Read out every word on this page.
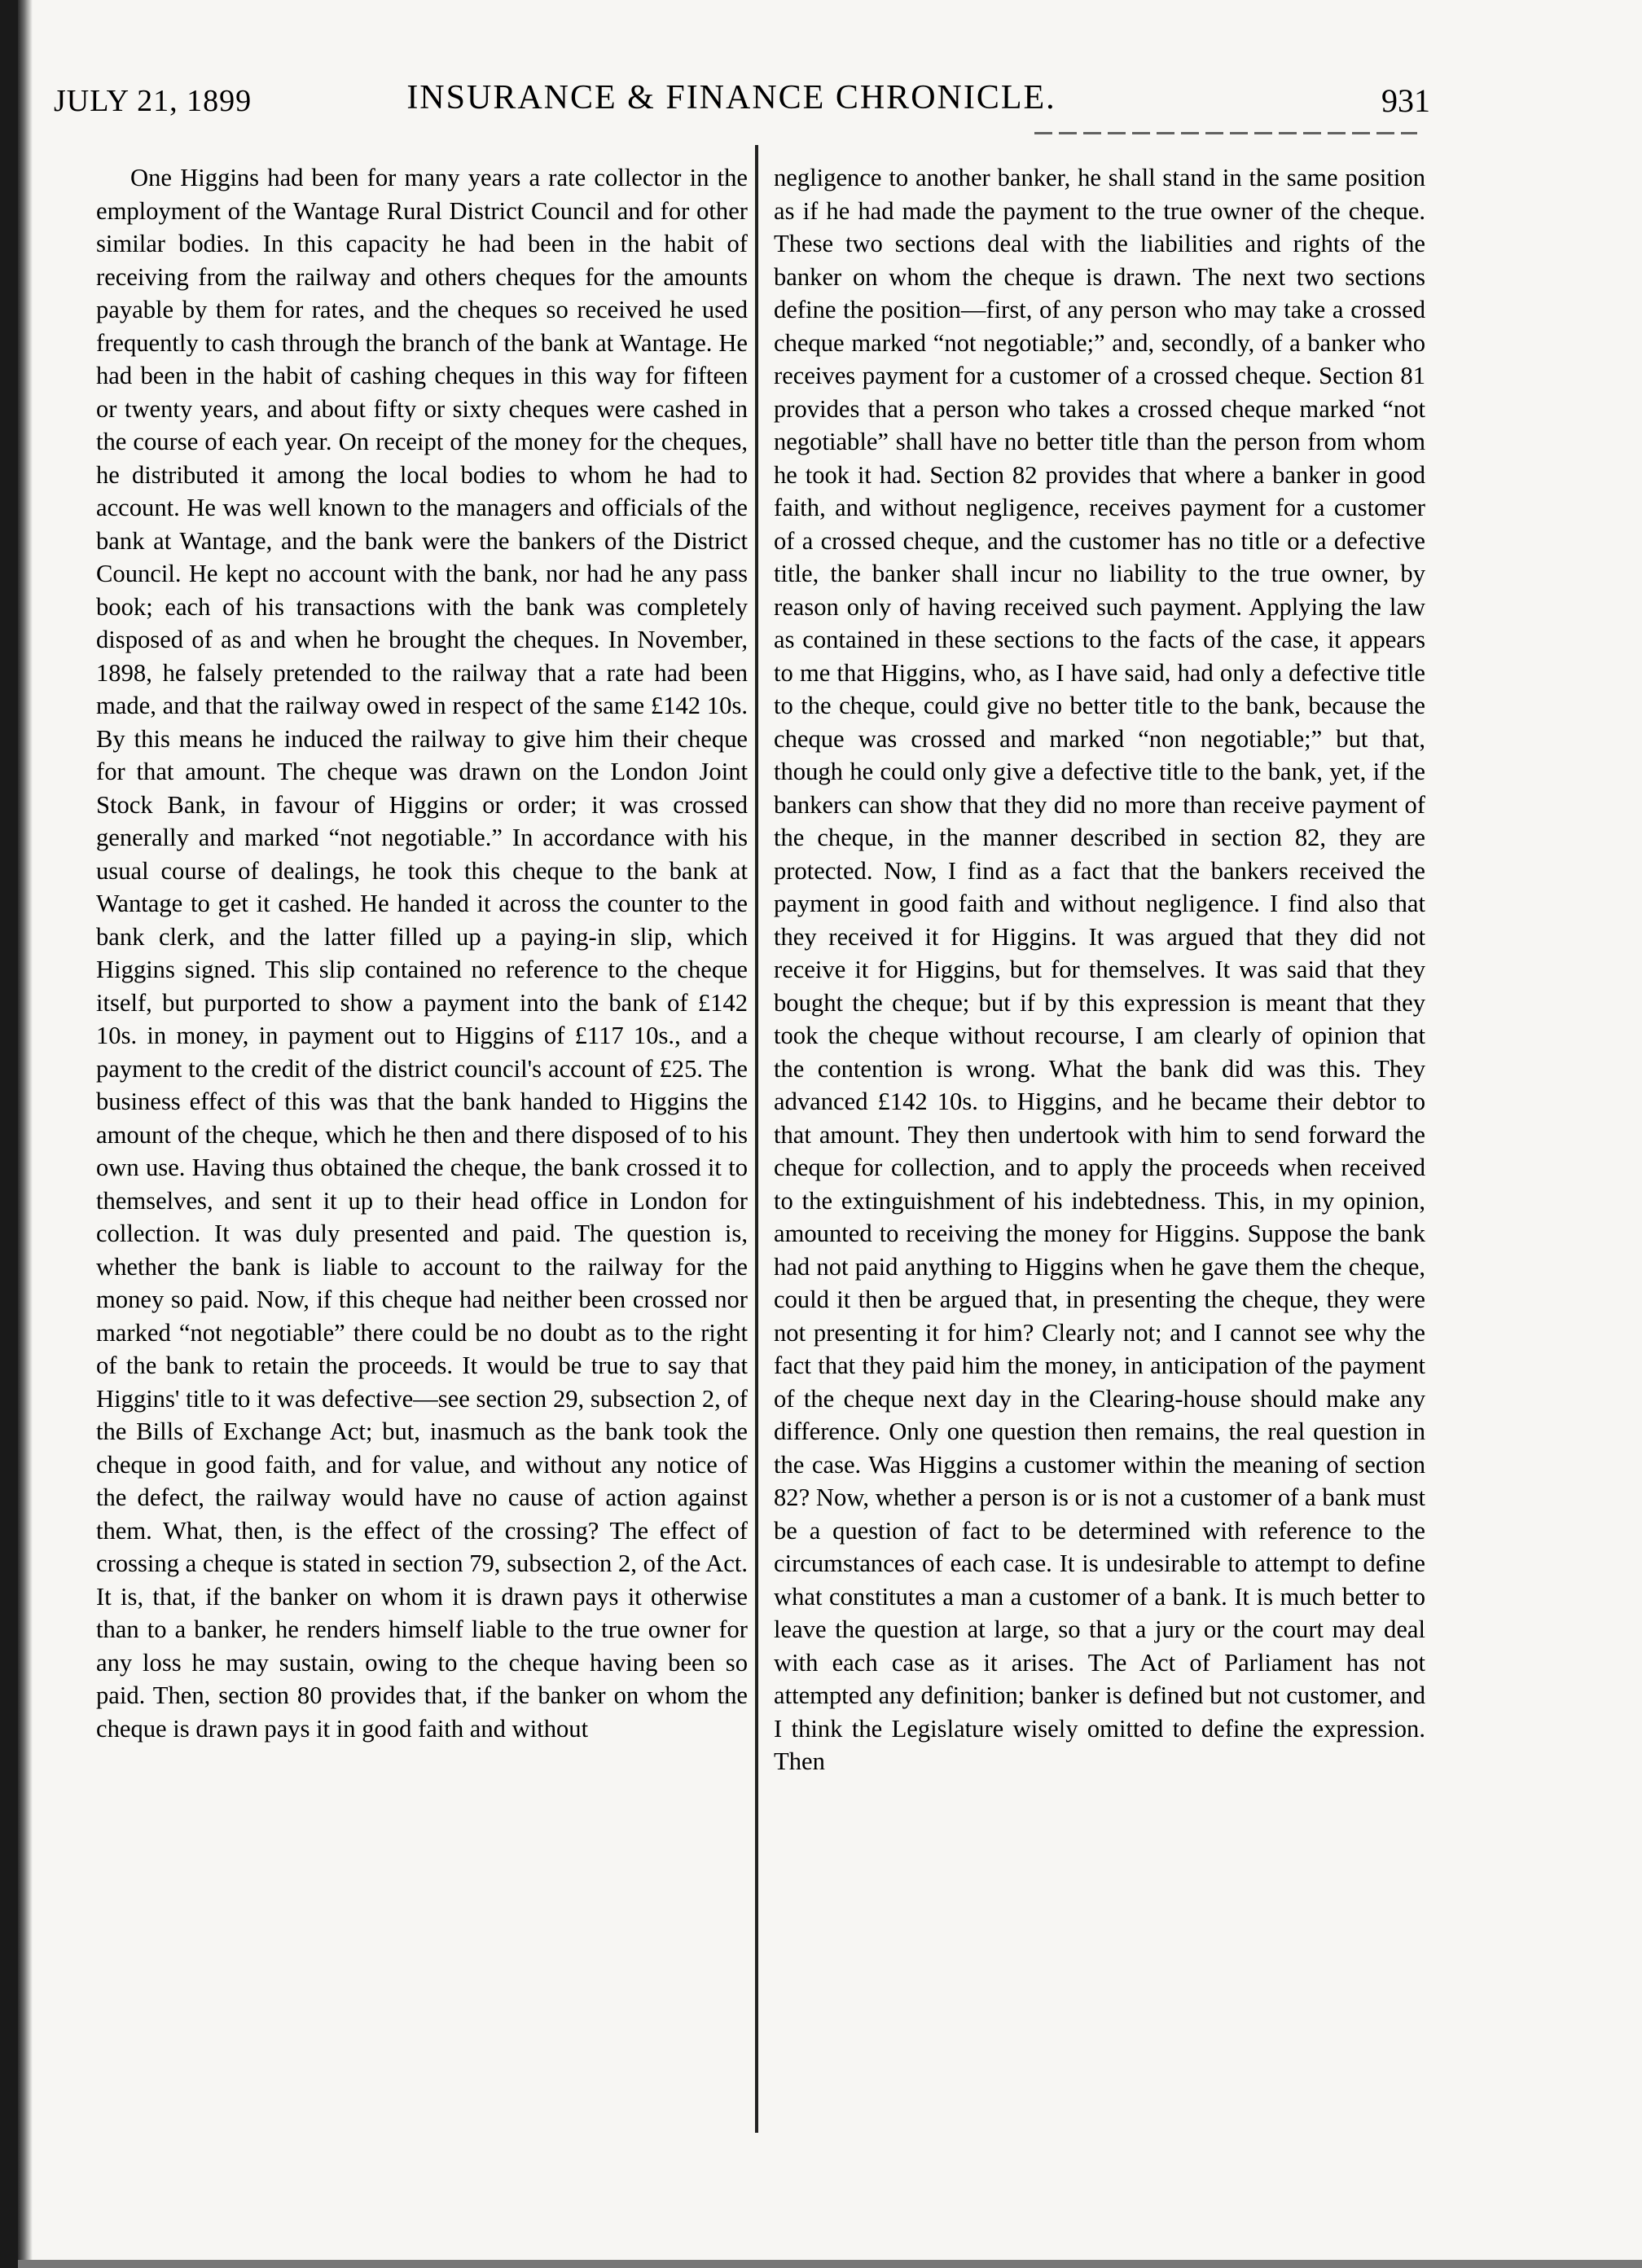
JULY 21, 1899	INSURANCE & FINANCE CHRONICLE.	931

One Higgins had been for many years a rate collector in the employment of the Wantage Rural District Council and for other similar bodies. In this capacity he had been in the habit of receiving from the railway and others cheques for the amounts payable by them for rates, and the cheques so received he used frequently to cash through the branch of the bank at Wantage. He had been in the habit of cashing cheques in this way for fifteen or twenty years, and about fifty or sixty cheques were cashed in the course of each year. On receipt of the money for the cheques, he distributed it among the local bodies to whom he had to account. He was well known to the managers and officials of the bank at Wantage, and the bank were the bankers of the District Council. He kept no account with the bank, nor had he any pass book; each of his transactions with the bank was completely disposed of as and when he brought the cheques. In November, 1898, he falsely pretended to the railway that a rate had been made, and that the railway owed in respect of the same £142 10s. By this means he induced the railway to give him their cheque for that amount. The cheque was drawn on the London Joint Stock Bank, in favour of Higgins or order; it was crossed generally and marked “not negotiable.” In accordance with his usual course of dealings, he took this cheque to the bank at Wantage to get it cashed. He handed it across the counter to the bank clerk, and the latter filled up a paying-in slip, which Higgins signed. This slip contained no reference to the cheque itself, but purported to show a payment into the bank of £142 10s. in money, in payment out to Higgins of £117 10s., and a payment to the credit of the district council's account of £25. The business effect of this was that the bank handed to Higgins the amount of the cheque, which he then and there disposed of to his own use. Having thus obtained the cheque, the bank crossed it to themselves, and sent it up to their head office in London for collection. It was duly presented and paid. The question is, whether the bank is liable to account to the railway for the money so paid. Now, if this cheque had neither been crossed nor marked “not negotiable” there could be no doubt as to the right of the bank to retain the proceeds. It would be true to say that Higgins' title to it was defective—see section 29, subsection 2, of the Bills of Exchange Act; but, inasmuch as the bank took the cheque in good faith, and for value, and without any notice of the defect, the railway would have no cause of action against them. What, then, is the effect of the crossing? The effect of crossing a cheque is stated in section 79, subsection 2, of the Act. It is, that, if the banker on whom it is drawn pays it otherwise than to a banker, he renders himself liable to the true owner for any loss he may sustain, owing to the cheque having been so paid. Then, section 80 provides that, if the banker on whom the cheque is drawn pays it in good faith and without

negligence to another banker, he shall stand in the same position as if he had made the payment to the true owner of the cheque. These two sections deal with the liabilities and rights of the banker on whom the cheque is drawn. The next two sections define the position—first, of any person who may take a crossed cheque marked “not negotiable;” and, secondly, of a banker who receives payment for a customer of a crossed cheque. Section 81 provides that a person who takes a crossed cheque marked “not negotiable” shall have no better title than the person from whom he took it had. Section 82 provides that where a banker in good faith, and without negligence, receives payment for a customer of a crossed cheque, and the customer has no title or a defective title, the banker shall incur no liability to the true owner, by reason only of having received such payment. Applying the law as contained in these sections to the facts of the case, it appears to me that Higgins, who, as I have said, had only a defective title to the cheque, could give no better title to the bank, because the cheque was crossed and marked “non negotiable;” but that, though he could only give a defective title to the bank, yet, if the bankers can show that they did no more than receive payment of the cheque, in the manner described in section 82, they are protected. Now, I find as a fact that the bankers received the payment in good faith and without negligence. I find also that they received it for Higgins. It was argued that they did not receive it for Higgins, but for themselves. It was said that they bought the cheque; but if by this expression is meant that they took the cheque without recourse, I am clearly of opinion that the contention is wrong. What the bank did was this. They advanced £142 10s. to Higgins, and he became their debtor to that amount. They then undertook with him to send forward the cheque for collection, and to apply the proceeds when received to the extinguishment of his indebtedness. This, in my opinion, amounted to receiving the money for Higgins. Suppose the bank had not paid anything to Higgins when he gave them the cheque, could it then be argued that, in presenting the cheque, they were not presenting it for him? Clearly not; and I cannot see why the fact that they paid him the money, in anticipation of the payment of the cheque next day in the Clearing-house should make any difference. Only one question then remains, the real question in the case. Was Higgins a customer within the meaning of section 82? Now, whether a person is or is not a customer of a bank must be a question of fact to be determined with reference to the circumstances of each case. It is undesirable to attempt to define what constitutes a man a customer of a bank. It is much better to leave the question at large, so that a jury or the court may deal with each case as it arises. The Act of Parliament has not attempted any definition; banker is defined but not customer, and I think the Legislature wisely omitted to define the expression. Then
